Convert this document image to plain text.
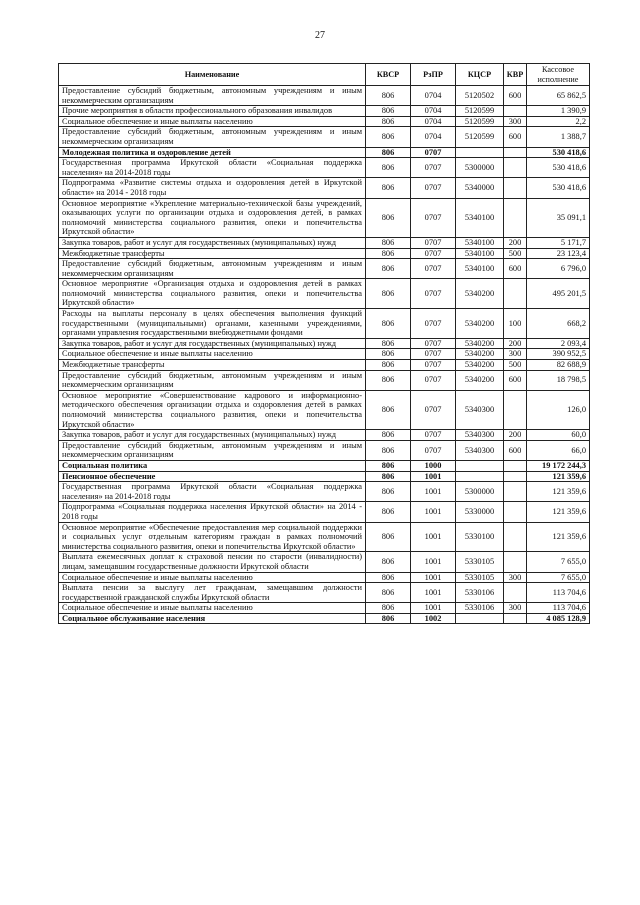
27
Наименование	КВСР	РзПР	КЦСР	КВР	Кассовое исполнение
Предоставление субсидий бюджетным, автономным учреждениям и иным некоммерческим организациям	806	0704	5120502	600	65 862,5
Прочие мероприятия в области профессионального образования инвалидов	806	0704	5120599		1 390,9
Социальное обеспечение и иные выплаты населению	806	0704	5120599	300	2,2
Предоставление субсидий бюджетным, автономным учреждениям и иным некоммерческим организациям	806	0704	5120599	600	1 388,7
Молодежная политика и оздоровление детей	806	0707			530 418,6
Государственная программа Иркутской области «Социальная поддержка населения» на 2014-2018 годы	806	0707	5300000		530 418,6
Подпрограмма «Развитие системы отдыха и оздоровления детей в Иркутской области» на 2014 - 2018 годы	806	0707	5340000		530 418,6
Основное мероприятие «Укрепление материально-технической базы учреждений, оказывающих услуги по организации отдыха и оздоровления детей, в рамках полномочий министерства социального развития, опеки и попечительства Иркутской области»	806	0707	5340100		35 091,1
Закупка товаров, работ и услуг для государственных (муниципальных) нужд	806	0707	5340100	200	5 171,7
Межбюджетные трансферты	806	0707	5340100	500	23 123,4
Предоставление субсидий бюджетным, автономным учреждениям и иным некоммерческим организациям	806	0707	5340100	600	6 796,0
Основное мероприятие «Организация отдыха и оздоровления детей в рамках полномочий министерства социального развития, опеки и попечительства Иркутской области»	806	0707	5340200		495 201,5
Расходы на выплаты персоналу в целях обеспечения выполнения функций государственными (муниципальными) органами, казенными учреждениями, органами управления государственными внебюджетными фондами	806	0707	5340200	100	668,2
Закупка товаров, работ и услуг для государственных (муниципальных) нужд	806	0707	5340200	200	2 093,4
Социальное обеспечение и иные выплаты населению	806	0707	5340200	300	390 952,5
Межбюджетные трансферты	806	0707	5340200	500	82 688,9
Предоставление субсидий бюджетным, автономным учреждениям и иным некоммерческим организациям	806	0707	5340200	600	18 798,5
Основное мероприятие «Совершенствование кадрового и информационно-методического обеспечения организации отдыха и оздоровления детей в рамках полномочий министерства социального развития, опеки и попечительства Иркутской области»	806	0707	5340300		126,0
Закупка товаров, работ и услуг для государственных (муниципальных) нужд	806	0707	5340300	200	60,0
Предоставление субсидий бюджетным, автономным учреждениям и иным некоммерческим организациям	806	0707	5340300	600	66,0
Социальная политика	806	1000			19 172 244,3
Пенсионное обеспечение	806	1001			121 359,6
Государственная программа Иркутской области «Социальная поддержка населения» на 2014-2018 годы	806	1001	5300000		121 359,6
Подпрограмма «Социальная поддержка населения Иркутской области» на 2014 - 2018 годы	806	1001	5330000		121 359,6
Основное мероприятие «Обеспечение предоставления мер социальной поддержки и социальных услуг отдельным категориям граждан в рамках полномочий министерства социального развития, опеки и попечительства Иркутской области»	806	1001	5330100		121 359,6
Выплата ежемесячных доплат к страховой пенсии по старости (инвалидности) лицам, замещавшим государственные должности Иркутской области	806	1001	5330105		7 655,0
Социальное обеспечение и иные выплаты населению	806	1001	5330105	300	7 655,0
Выплата пенсии за выслугу лет гражданам, замещавшим должности государственной гражданской службы Иркутской области	806	1001	5330106		113 704,6
Социальное обеспечение и иные выплаты населению	806	1001	5330106	300	113 704,6
Социальное обслуживание населения	806	1002			4 085 128,9
